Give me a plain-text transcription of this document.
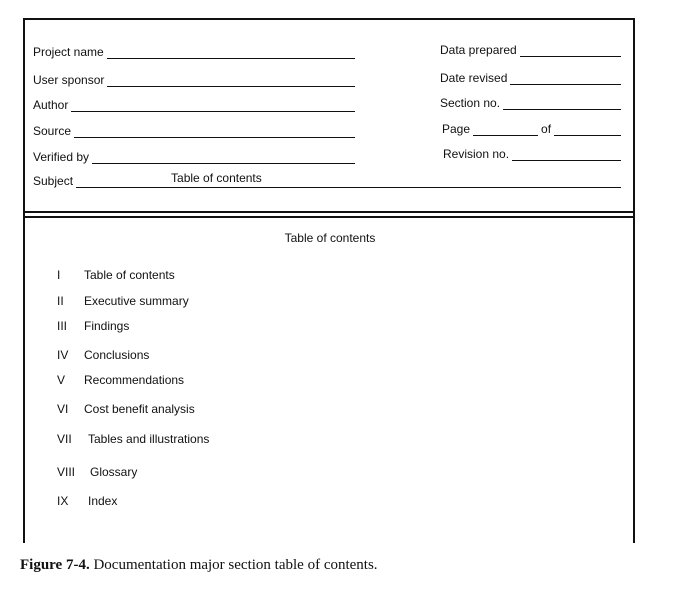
Project name
User sponsor
Author
Source
Verified by
Data prepared
Date revised
Section no.
Page	of
Revision no.
Subject	Table of contents
Table of contents
I Table of contents
II Executive summary
III Findings
IV Conclusions
V Recommendations
VI Cost benefit analysis
VII Tables and illustrations
VIII Glossary
IX Index
Figure 7-4. Documentation major section table of contents.
